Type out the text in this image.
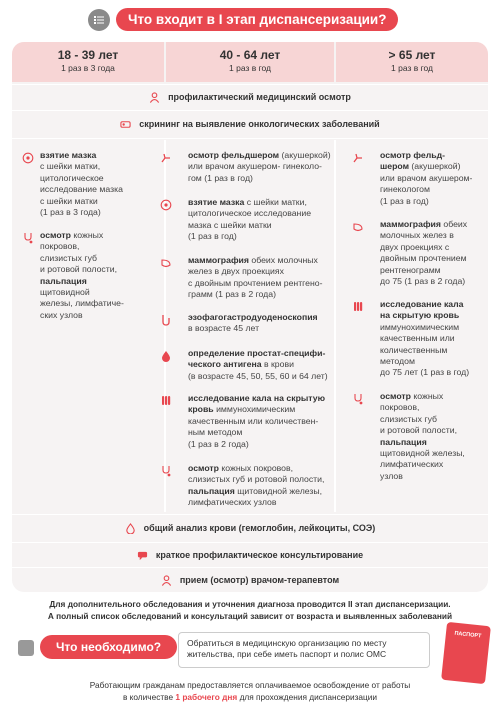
Что входит в I этап диспансеризации?
18 - 39 лет
1 раз в 3 года
40 - 64 лет
1 раз в год
> 65 лет
1 раз в год
профилактический медицинский осмотр
скрининг на выявление онкологических заболеваний
взятие мазка
с шейки матки,
цитологическое
исследование мазка
с шейки матки
(1 раз в 3 года)
осмотр кожных
покровов,
слизистых губ
и ротовой полости,
пальпация
щитовидной
железы, лимфатиче-
ских узлов
осмотр фельдшером (акушеркой)
или врачом акушером- гинеколо-
гом (1 раз в год)
взятие мазка с шейки матки,
цитологическое исследование
мазка с шейки матки
(1 раз в год)
маммография обеих молочных
желез в двух проекциях
с двойным прочтением рентгено-
грамм (1 раз в 2 года)
эзофагогастродуоденоскопия
в возрасте 45 лет
определение простат-специфи-
ческого антигена в крови
(в возрасте 45, 50, 55, 60 и 64 лет)
исследование кала на скрытую
кровь иммунохимическим
качественным или количествен-
ным методом
(1 раз в 2 года)
осмотр кожных покровов,
слизистых губ и ротовой полости,
пальпация щитовидной железы,
лимфатических узлов
осмотр фельд-
шером (акушеркой)
или врачом акушером-
гинекологом
(1 раз в год)
маммография обеих
молочных желез в
двух проекциях с
двойным прочтением
рентгенограмм
до 75 (1 раз в 2 года)
исследование кала
на скрытую кровь
иммунохимическим
качественным или
количественным
методом
до 75 лет (1 раз в год)
осмотр кожных
покровов,
слизистых губ
и ротовой полости,
пальпация
щитовидной железы,
лимфатических
узлов
общий анализ крови (гемоглобин, лейкоциты, СОЭ)
краткое профилактическое консультирование
прием (осмотр) врачом-терапевтом
Для дополнительного обследования и уточнения диагноза проводится II этап диспансеризации.
А полный список обследований и консультаций зависит от возраста и выявленных заболеваний
Что необходимо?	Обратиться в медицинскую организацию по месту
жительства, при себе иметь паспорт и полис ОМС
ПАСПОРТ
Работающим гражданам предоставляется оплачиваемое освобождение от работы
в количестве 1 рабочего дня для прохождения диспансеризации
